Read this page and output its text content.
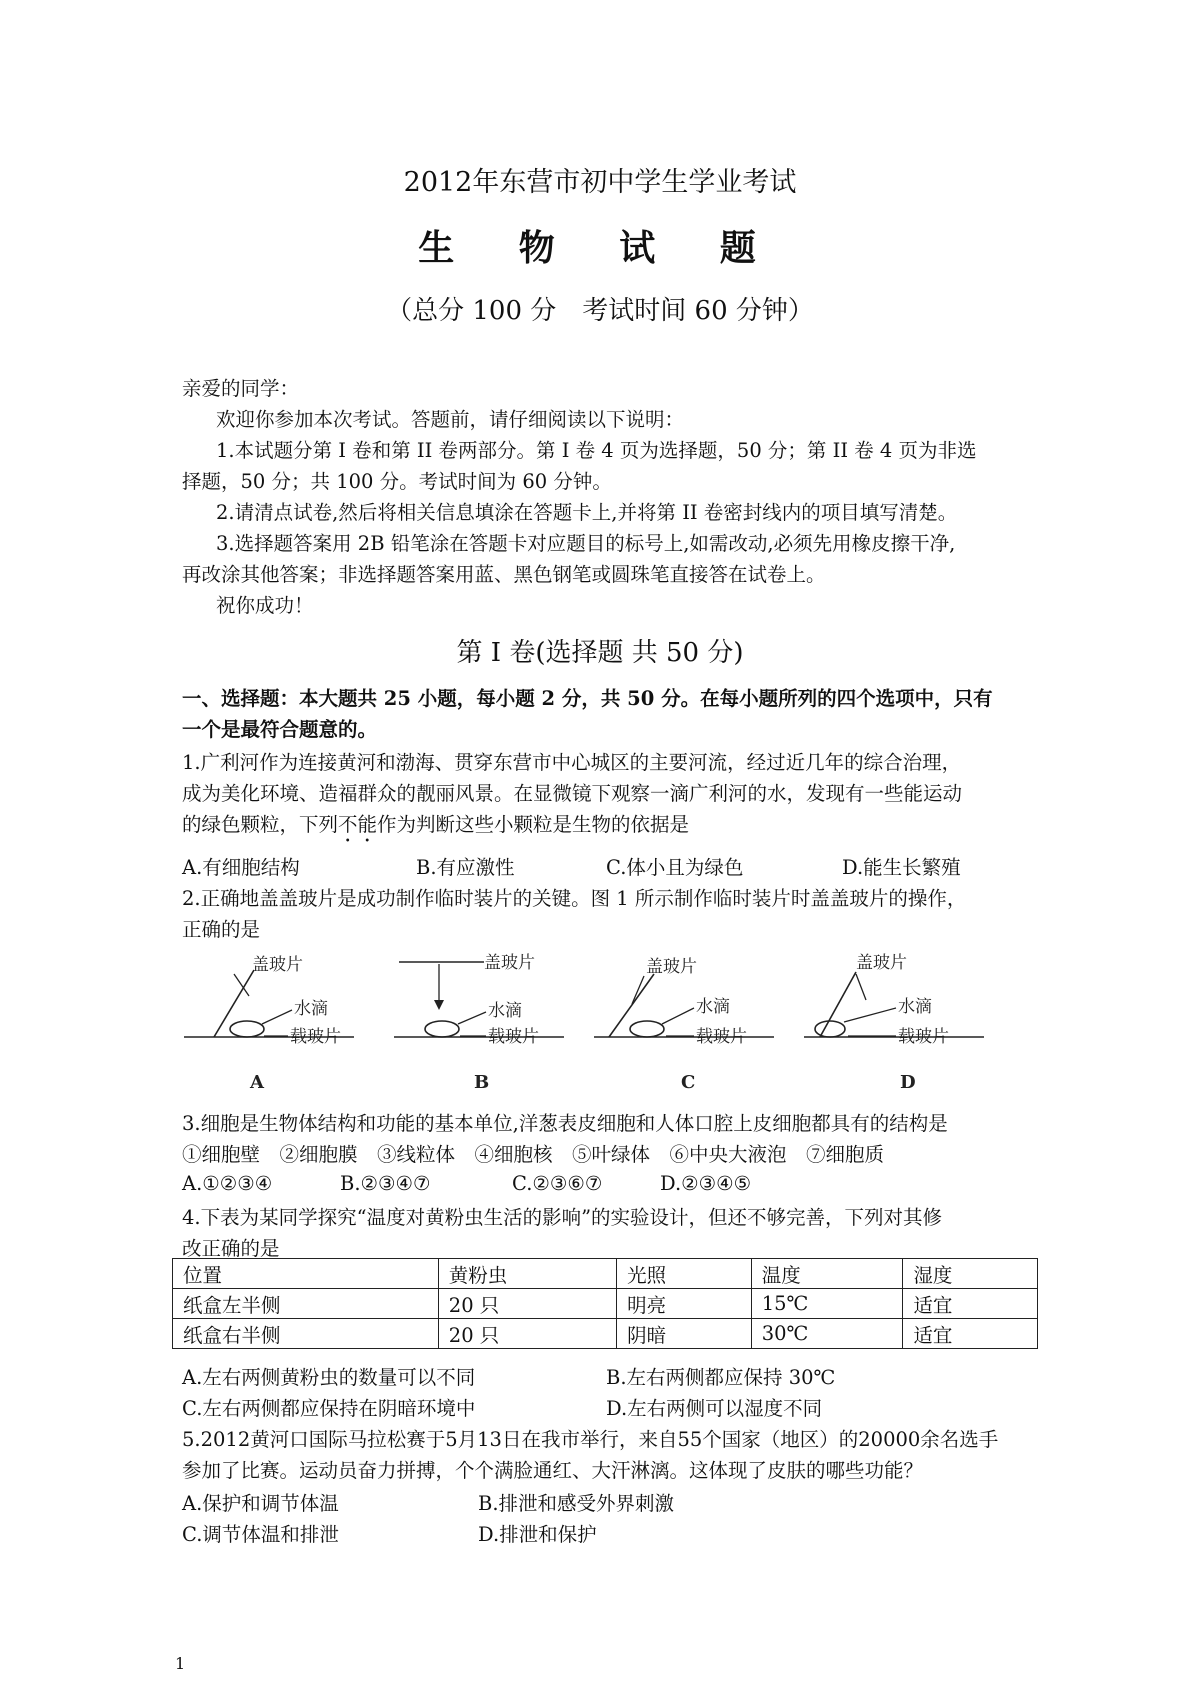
2012年东营市初中学生学业考试
生 物 试 题
（总分 100 分　考试时间 60 分钟）
亲爱的同学：
欢迎你参加本次考试。答题前，请仔细阅读以下说明：
1.本试题分第 I 卷和第 II 卷两部分。第 I 卷 4 页为选择题，50 分；第 II 卷 4 页为非选
择题，50 分；共 100 分。考试时间为 60 分钟。
2.请清点试卷,然后将相关信息填涂在答题卡上,并将第 II 卷密封线内的项目填写清楚。
3.选择题答案用 2B 铅笔涂在答题卡对应题目的标号上,如需改动,必须先用橡皮擦干净,
再改涂其他答案；非选择题答案用蓝、黑色钢笔或圆珠笔直接答在试卷上。
祝你成功！
第 I 卷(选择题 共 50 分)
一、选择题：本大题共 25 小题，每小题 2 分，共 50 分。在每小题所列的四个选项中，只有
一个是最符合题意的。
1.广利河作为连接黄河和渤海、贯穿东营市中心城区的主要河流，经过近几年的综合治理，
成为美化环境、造福群众的靓丽风景。在显微镜下观察一滴广利河的水，发现有一些能运动
的绿色颗粒，下列不能作为判断这些小颗粒是生物的依据是
A.有细胞结构	B.有应激性	C.体小且为绿色	D.能生长繁殖
2.正确地盖盖玻片是成功制作临时装片的关键。图 1 所示制作临时装片时盖盖玻片的操作，
正确的是
盖玻片
水滴
载玻片
A
盖玻片
水滴
载玻片
B
盖玻片
水滴
载玻片
C
盖玻片
水滴
载玻片
D
3.细胞是生物体结构和功能的基本单位,洋葱表皮细胞和人体口腔上皮细胞都具有的结构是
①细胞壁　②细胞膜　③线粒体　④细胞核　⑤叶绿体　⑥中央大液泡　⑦细胞质
A.①②③④	B.②③④⑦	C.②③⑥⑦	D.②③④⑤
4.下表为某同学探究“温度对黄粉虫生活的影响”的实验设计，但还不够完善，下列对其修
改正确的是
位置	黄粉虫	光照	温度	湿度
纸盒左半侧	20 只	明亮	15℃	适宜
纸盒右半侧	20 只	阴暗	30℃	适宜
A.左右两侧黄粉虫的数量可以不同	B.左右两侧都应保持 30℃
C.左右两侧都应保持在阴暗环境中	D.左右两侧可以湿度不同
5.2012黄河口国际马拉松赛于5月13日在我市举行，来自55个国家（地区）的20000余名选手
参加了比赛。运动员奋力拼搏，个个满脸通红、大汗淋漓。这体现了皮肤的哪些功能？
A.保护和调节体温	B.排泄和感受外界刺激
C.调节体温和排泄	D.排泄和保护
1
